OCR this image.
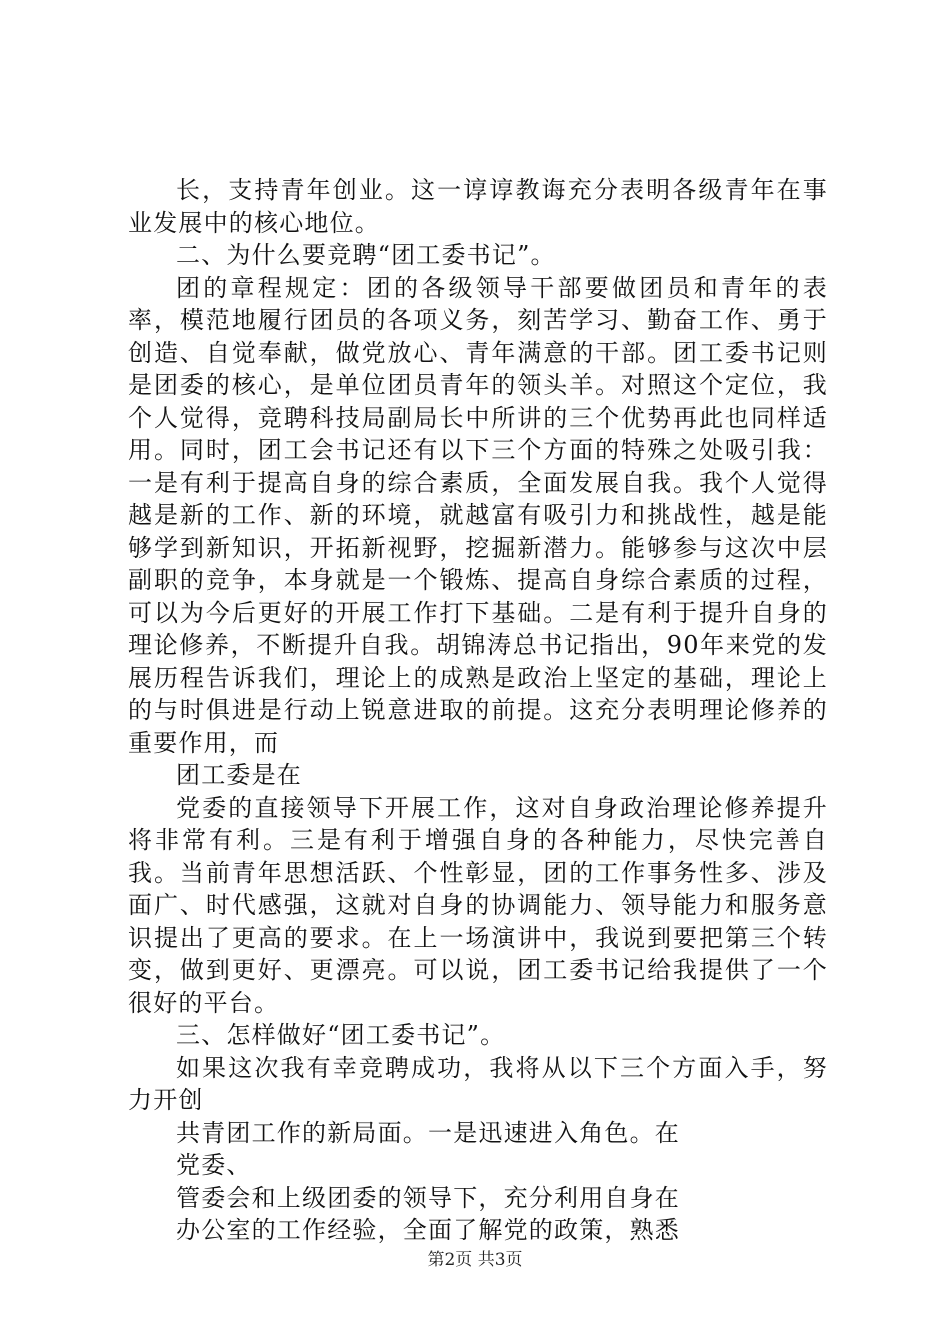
长，支持青年创业。这一谆谆教诲充分表明各级青年在事业发展中的核心地位。

二、为什么要竞聘“团工委书记”。

团的章程规定：团的各级领导干部要做团员和青年的表率，模范地履行团员的各项义务，刻苦学习、勤奋工作、勇于创造、自觉奉献，做党放心、青年满意的干部。团工委书记则是团委的核心，是单位团员青年的领头羊。对照这个定位，我个人觉得，竞聘科技局副局长中所讲的三个优势再此也同样适用。同时，团工会书记还有以下三个方面的特殊之处吸引我：一是有利于提高自身的综合素质，全面发展自我。我个人觉得越是新的工作、新的环境，就越富有吸引力和挑战性，越是能够学到新知识，开拓新视野，挖掘新潜力。能够参与这次中层副职的竞争，本身就是一个锻炼、提高自身综合素质的过程，可以为今后更好的开展工作打下基础。二是有利于提升自身的理论修养，不断提升自我。胡锦涛总书记指出，90年来党的发展历程告诉我们，理论上的成熟是政治上坚定的基础，理论上的与时俱进是行动上锐意进取的前提。这充分表明理论修养的重要作用，而

团工委是在

党委的直接领导下开展工作，这对自身政治理论修养提升将非常有利。三是有利于增强自身的各种能力，尽快完善自我。当前青年思想活跃、个性彰显，团的工作事务性多、涉及面广、时代感强，这就对自身的协调能力、领导能力和服务意识提出了更高的要求。在上一场演讲中，我说到要把第三个转变，做到更好、更漂亮。可以说，团工委书记给我提供了一个很好的平台。

三、怎样做好“团工委书记”。

如果这次我有幸竞聘成功，我将从以下三个方面入手，努力开创

共青团工作的新局面。一是迅速进入角色。在

党委、

管委会和上级团委的领导下，充分利用自身在

办公室的工作经验，全面了解党的政策，熟悉

第2页 共3页
